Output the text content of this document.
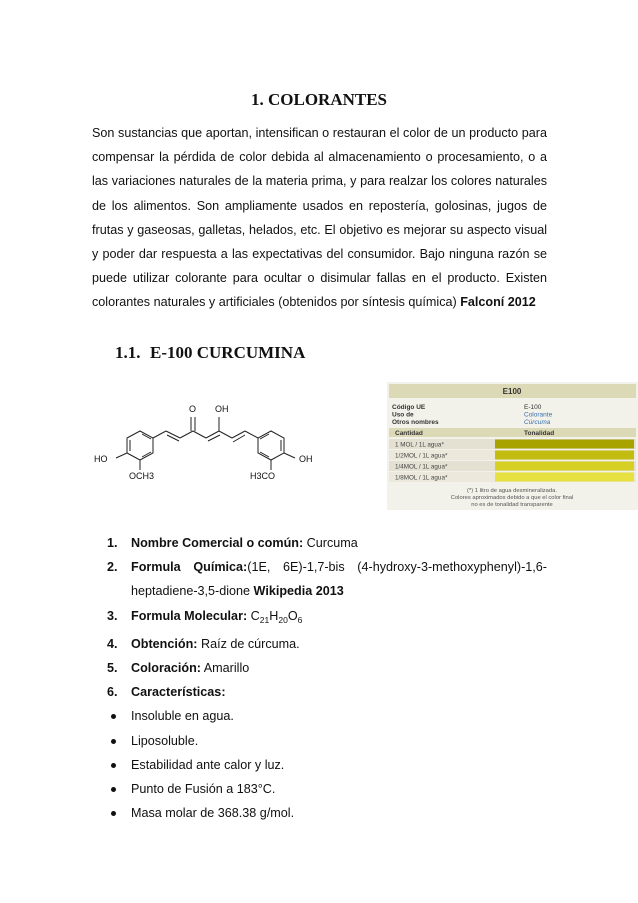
1. COLORANTES
Son sustancias que aportan, intensifican o restauran el color de un producto para compensar la pérdida de color debida al almacenamiento o procesamiento, o a las variaciones naturales de la materia prima, y para realzar los colores naturales de los alimentos. Son ampliamente usados en repostería, golosinas, jugos de frutas y gaseosas, galletas, helados, etc. El objetivo es mejorar su aspecto visual y poder dar respuesta a las expectativas del consumidor. Bajo ninguna razón se puede utilizar colorante para ocultar o disimular fallas en el producto. Existen colorantes naturales y artificiales (obtenidos por síntesis química) Falconí 2012
1.1. E-100 CURCUMINA
O OH
HO
OCH3	H3CO
OH
E100
Código UE	E-100
Uso de	Colorante
Otros nombres	Cúrcuma
Cantidad	Tonalidad
1 MOL / 1L agua*
1/2MOL / 1L agua*
1/4MOL / 1L agua*
1/8MOL / 1L agua*
(*) 1 litro de agua desmineralizada.
Colores aproximados debido a que el color final
no es de tonalidad transparente
1. Nombre Comercial o común: Curcuma
2. Formula Química:(1E, 6E)-1,7-bis (4-hydroxy-3-methoxyphenyl)-1,6-
heptadiene-3,5-dione Wikipedia 2013
3. Formula Molecular: $C_{21}H_{20}O_6$
4. Obtención: Raíz de cúrcuma.
5. Coloración: Amarillo
6. Características:
Insoluble en agua.
Liposoluble.
Estabilidad ante calor y luz.
Punto de Fusión a 183°C.
Masa molar de 368.38 g/mol.
